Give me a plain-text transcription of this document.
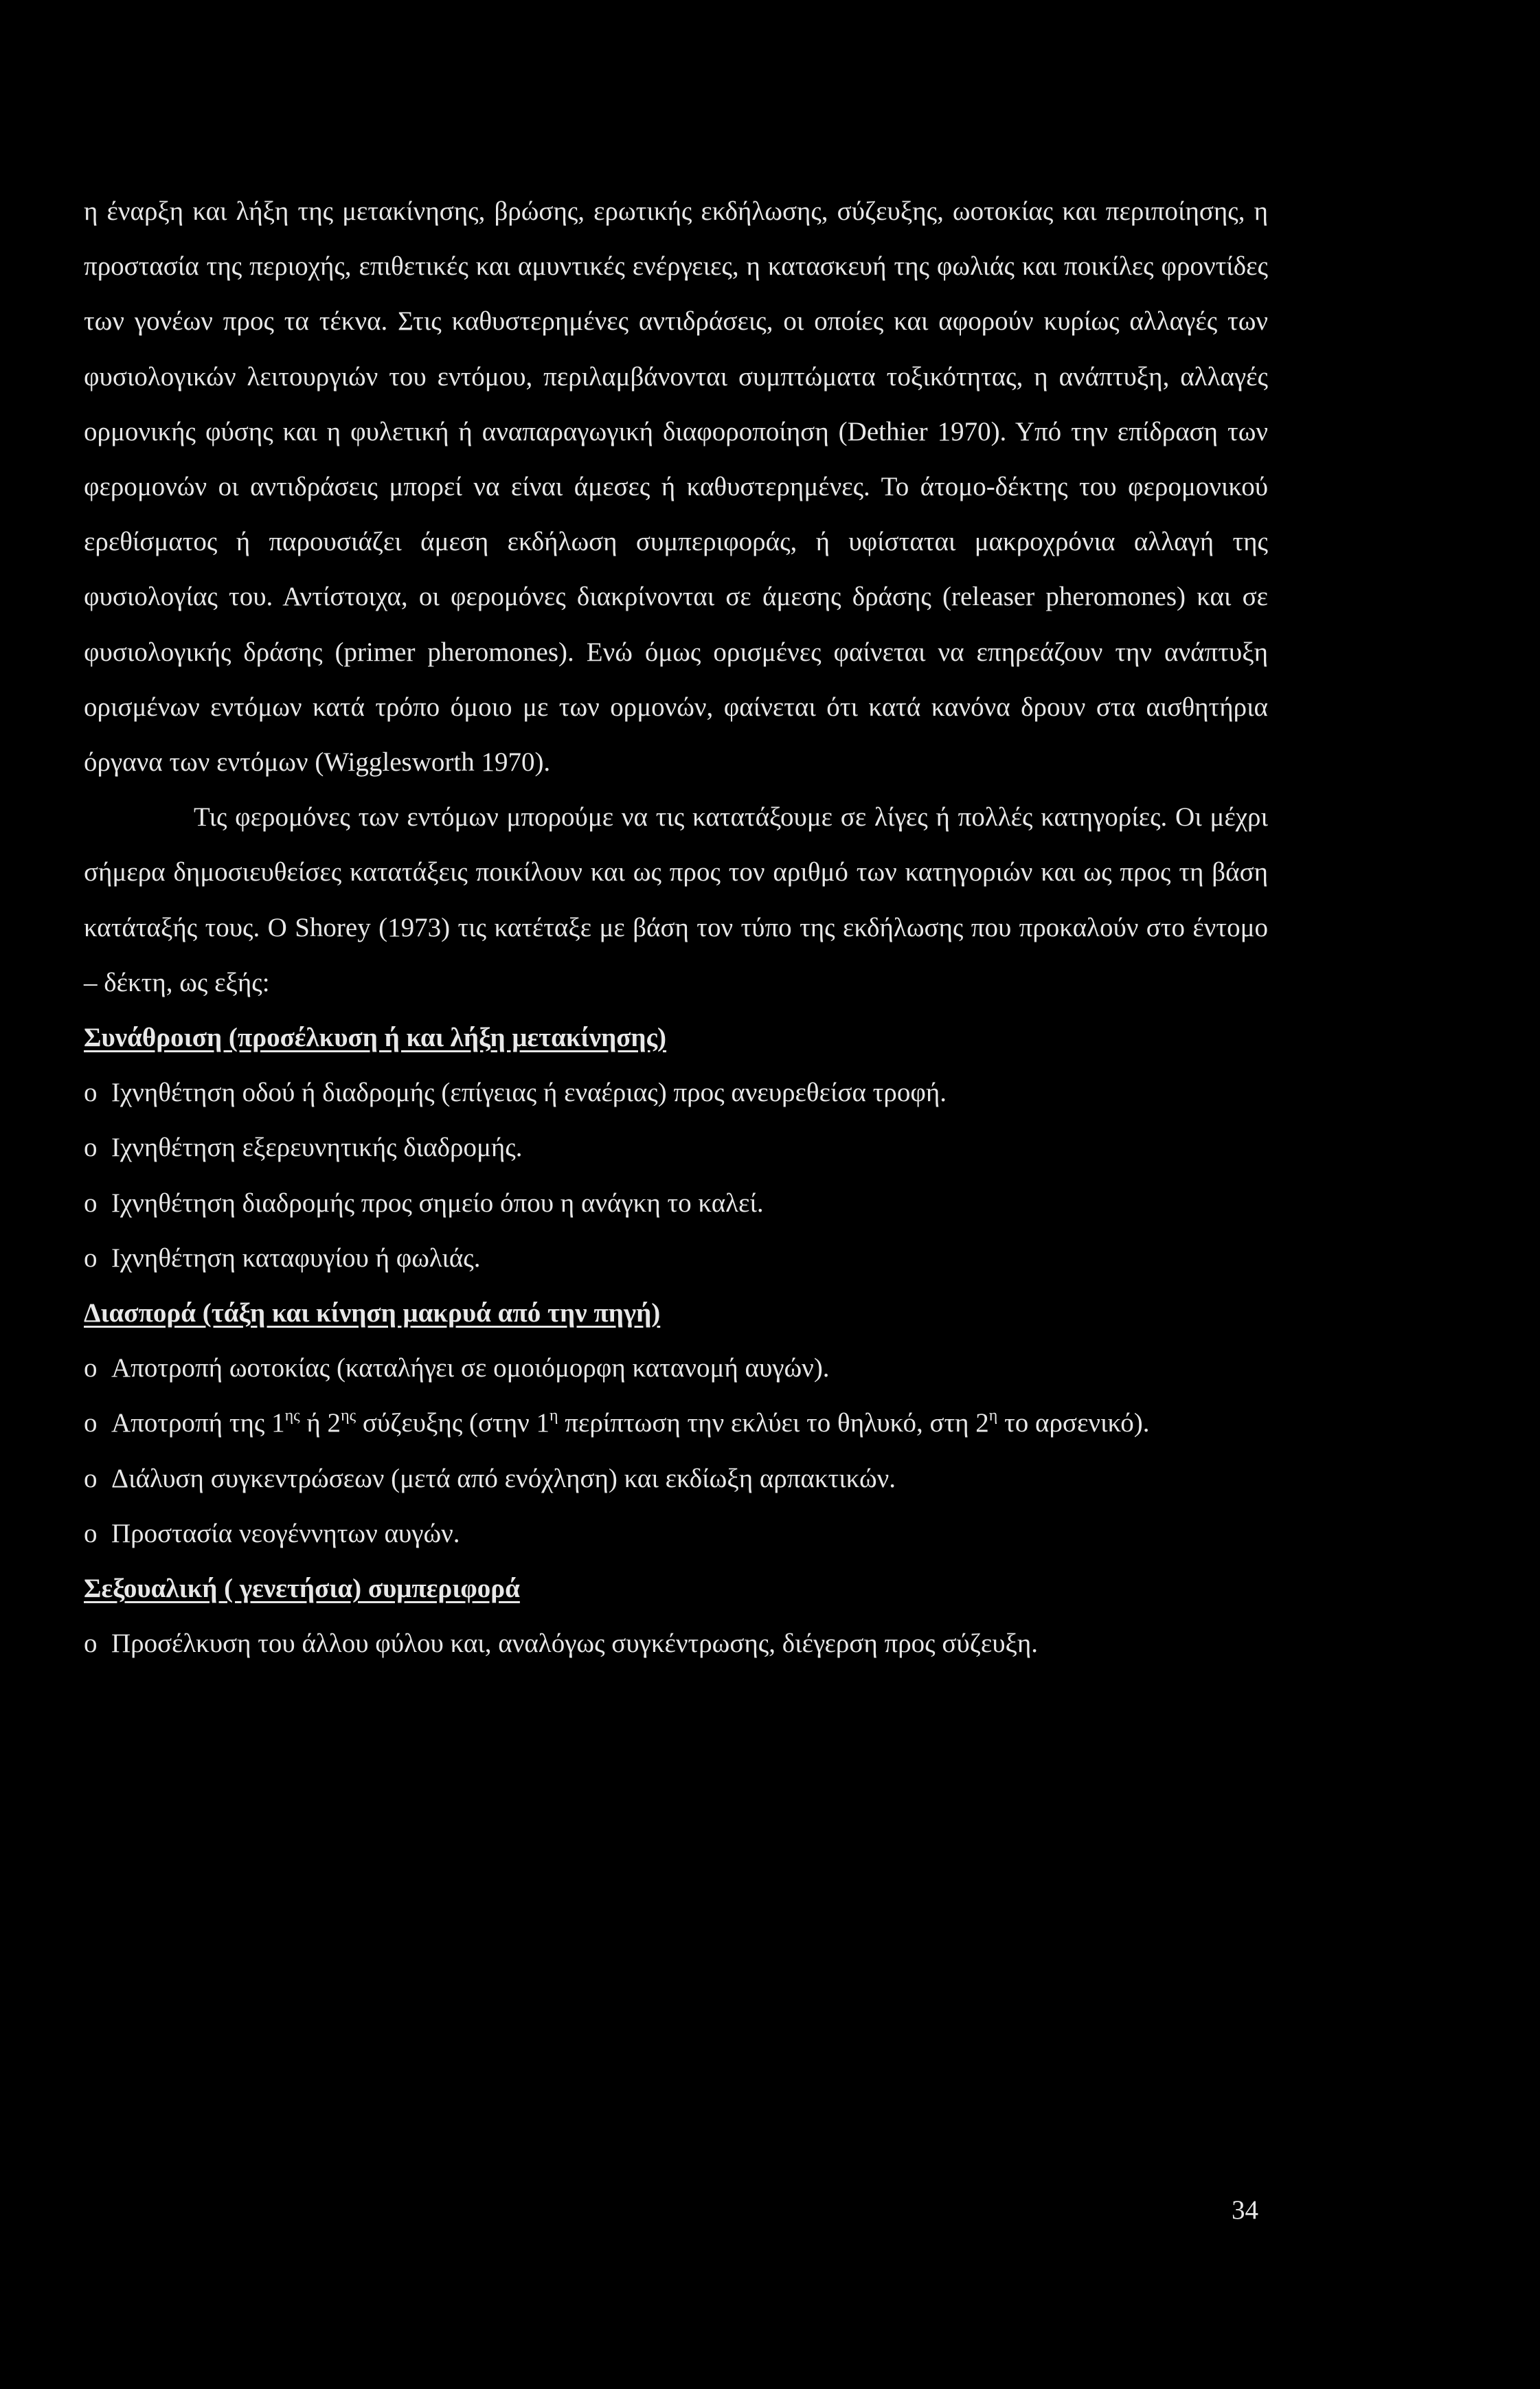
η έναρξη και λήξη της μετακίνησης, βρώσης, ερωτικής εκδήλωσης, σύζευξης, ωοτοκίας και περιποίησης, η προστασία της περιοχής, επιθετικές και αμυντικές ενέργειες, η κατασκευή της φωλιάς και ποικίλες φροντίδες των γονέων προς τα τέκνα. Στις καθυστερημένες αντιδράσεις, οι οποίες και αφορούν κυρίως αλλαγές των φυσιολογικών λειτουργιών του εντόμου, περιλαμβάνονται συμπτώματα τοξικότητας, η ανάπτυξη, αλλαγές ορμονικής φύσης και η φυλετική ή αναπαραγωγική διαφοροποίηση (Dethier 1970). Υπό την επίδραση των φερομονών οι αντιδράσεις μπορεί να είναι άμεσες ή καθυστερημένες. Το άτομο-δέκτης του φερομονικού ερεθίσματος ή παρουσιάζει άμεση εκδήλωση συμπεριφοράς, ή υφίσταται μακροχρόνια αλλαγή της φυσιολογίας του. Αντίστοιχα, οι φερομόνες διακρίνονται σε άμεσης δράσης (releaser pheromones) και σε φυσιολογικής δράσης (primer pheromones). Ενώ όμως ορισμένες φαίνεται να επηρεάζουν την ανάπτυξη ορισμένων εντόμων κατά τρόπο όμοιο με των ορμονών, φαίνεται ότι κατά κανόνα δρουν στα αισθητήρια όργανα των εντόμων (Wigglesworth 1970).

Τις φερομόνες των εντόμων μπορούμε να τις κατατάξουμε σε λίγες ή πολλές κατηγορίες. Οι μέχρι σήμερα δημοσιευθείσες κατατάξεις ποικίλουν και ως προς τον αριθμό των κατηγοριών και ως προς τη βάση κατάταξής τους. Ο Shorey (1973) τις κατέταξε με βάση τον τύπο της εκδήλωσης που προκαλούν στο έντομο – δέκτη, ως εξής:

Συνάθροιση (προσέλκυση ή και λήξη μετακίνησης)

ο Ιχνηθέτηση οδού ή διαδρομής (επίγειας ή εναέριας) προς ανευρεθείσα τροφή.

ο Ιχνηθέτηση εξερευνητικής διαδρομής.

ο Ιχνηθέτηση διαδρομής προς σημείο όπου η ανάγκη το καλεί.

ο Ιχνηθέτηση καταφυγίου ή φωλιάς.

Διασπορά (τάξη και κίνηση μακρυά από την πηγή)

ο Αποτροπή ωοτοκίας (καταλήγει σε ομοιόμορφη κατανομή αυγών).

ο Αποτροπή της $1^{\eta\varsigma}$ ή $2^{\eta\varsigma}$ σύζευξης (στην $1^\eta$ περίπτωση την εκλύει το θηλυκό, στη $2^\eta$ το αρσενικό).

ο Διάλυση συγκεντρώσεων (μετά από ενόχληση) και εκδίωξη αρπακτικών.

ο Προστασία νεογέννητων αυγών.

Σεξουαλική ( γενετήσια) συμπεριφορά

ο Προσέλκυση του άλλου φύλου και, αναλόγως συγκέντρωσης, διέγερση προς σύζευξη.

34
